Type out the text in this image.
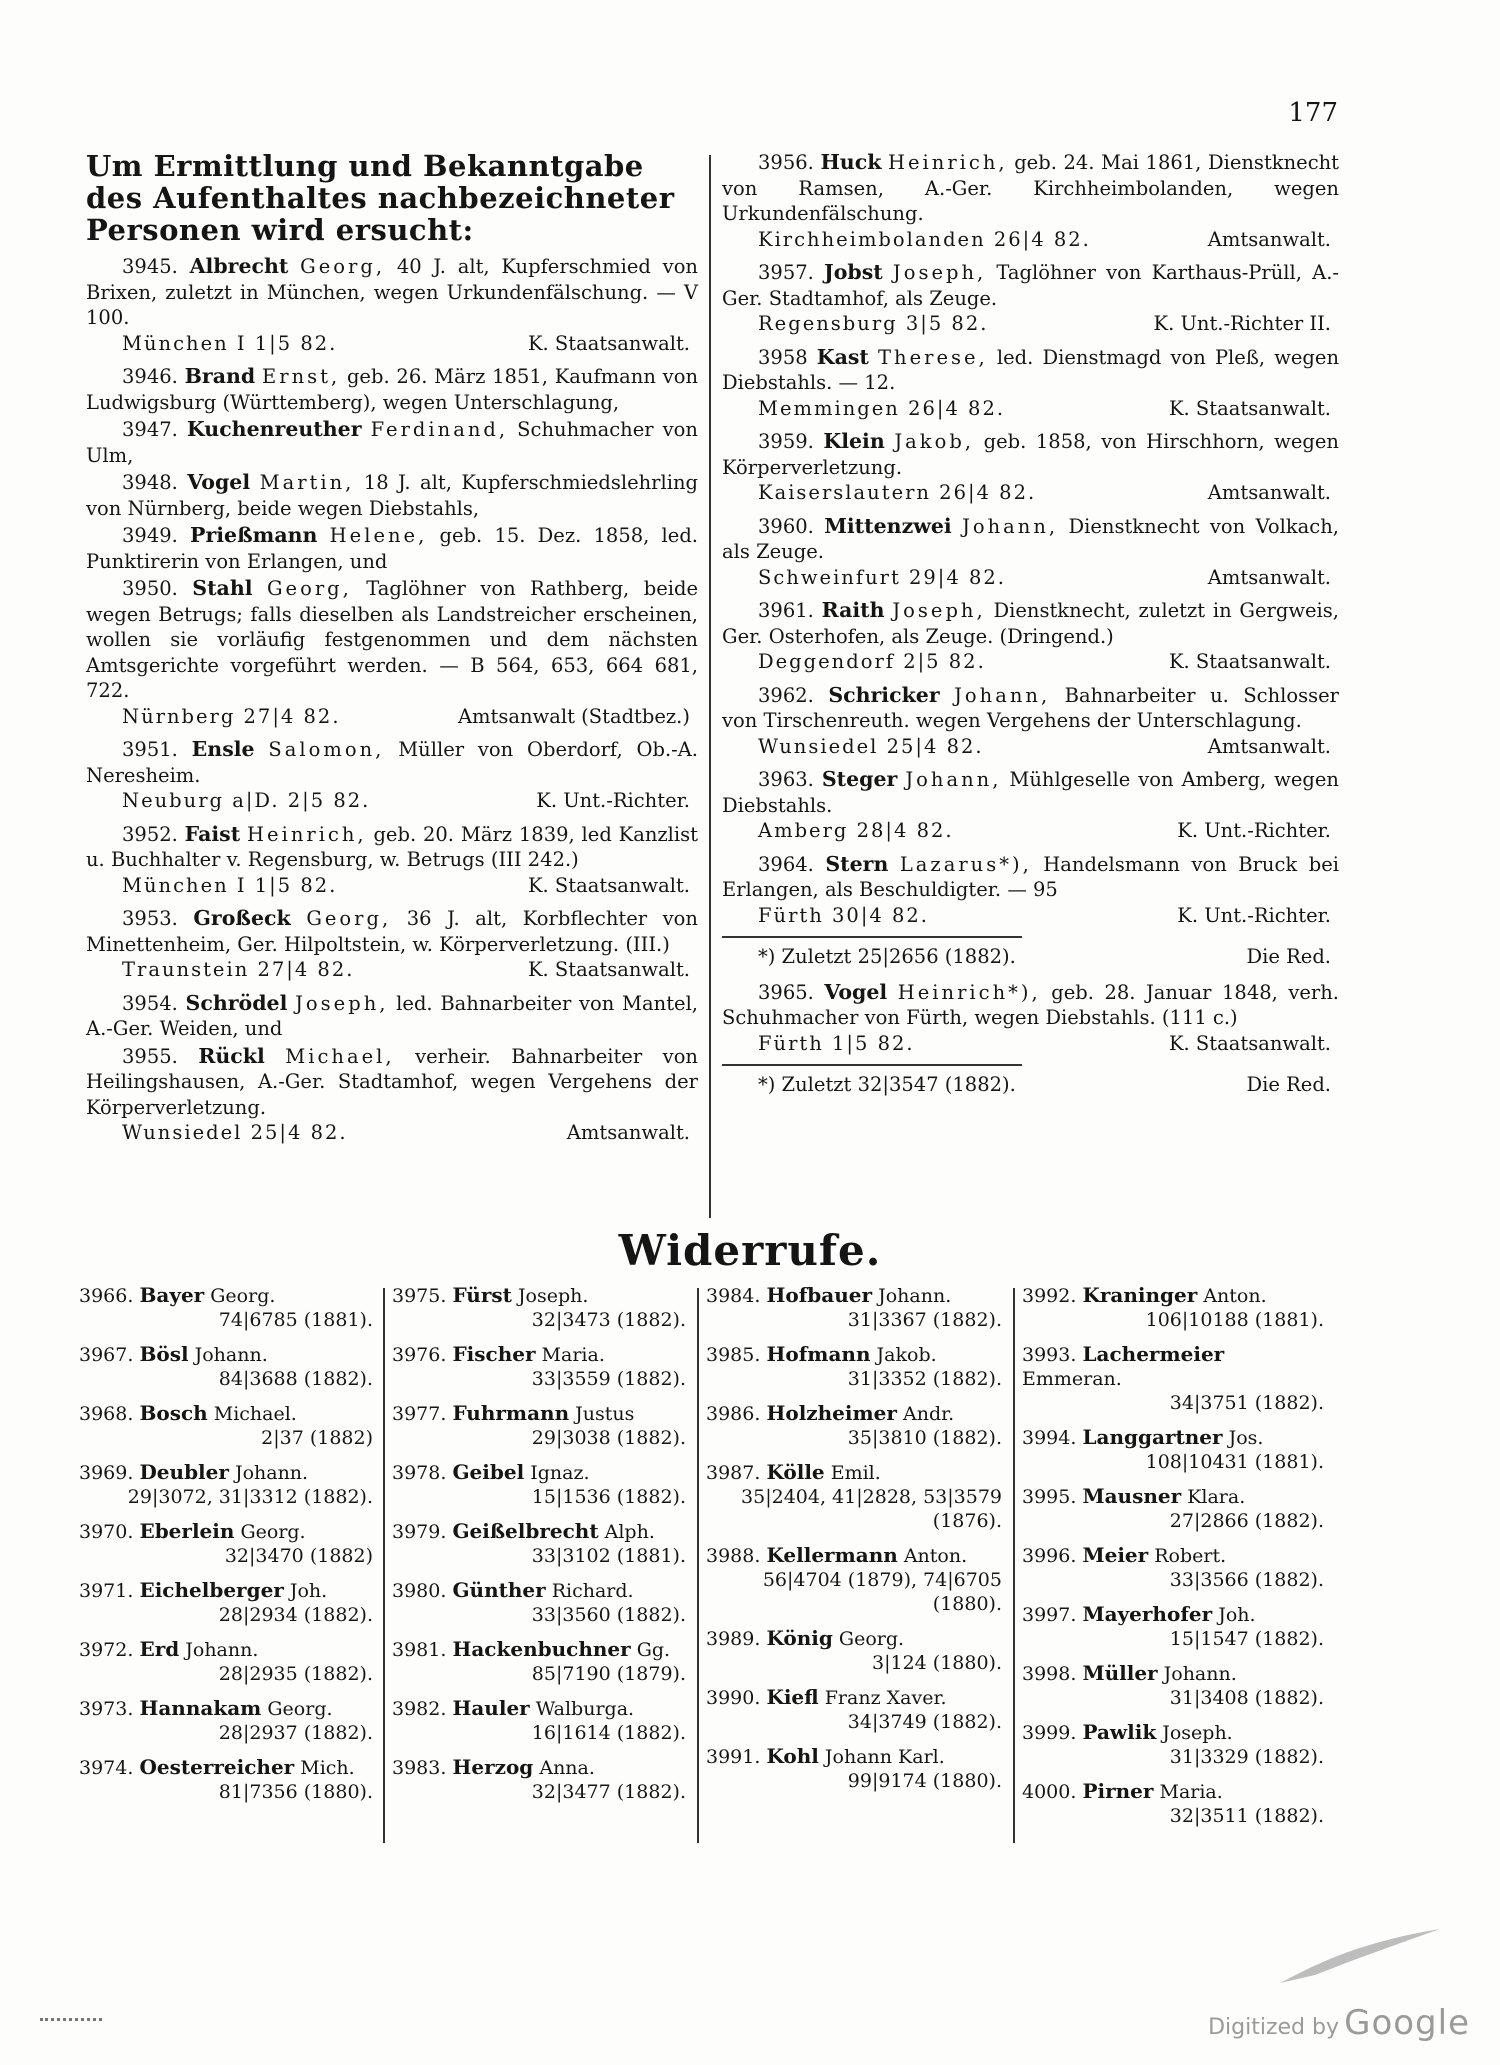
177
Um Ermittlung und Bekanntgabe des Aufenthaltes nachbezeichneter Personen wird ersucht:
3945. Albrecht Georg, 40 J. alt, Kupferschmied von Brixen, zuletzt in München, wegen Urkundenfälschung. — V 100.
München I 1|5 82.	K. Staatsanwalt.
3946. Brand Ernst, geb. 26. März 1851, Kaufmann von Ludwigsburg (Württemberg), wegen Unterschlagung,
3947. Kuchenreuther Ferdinand, Schuhmacher von Ulm,
3948. Vogel Martin, 18 J. alt, Kupferschmiedslehrling von Nürnberg, beide wegen Diebstahls,
3949. Prießmann Helene, geb. 15. Dez. 1858, led. Punktirerin von Erlangen, und
3950. Stahl Georg, Taglöhner von Rathberg, beide wegen Betrugs; falls dieselben als Landstreicher erscheinen, wollen sie vorläufig festgenommen und dem nächsten Amtsgerichte vorgeführt werden. — B 564, 653, 664 681, 722.
Nürnberg 27|4 82.	Amtsanwalt (Stadtbez.)
3951. Ensle Salomon, Müller von Oberdorf, Ob.-A. Neresheim.
Neuburg a|D. 2|5 82.	K. Unt.-Richter.
3952. Faist Heinrich, geb. 20. März 1839, led Kanzlist u. Buchhalter v. Regensburg, w. Betrugs (III 242.)
München I 1|5 82.	K. Staatsanwalt.
3953. Großeck Georg, 36 J. alt, Korbflechter von Minettenheim, Ger. Hilpoltstein, w. Körperverletzung. (III.)
Traunstein 27|4 82.	K. Staatsanwalt.
3954. Schrödel Joseph, led. Bahnarbeiter von Mantel, A.-Ger. Weiden, und
3955. Rückl Michael, verheir. Bahnarbeiter von Heilingshausen, A.-Ger. Stadtamhof, wegen Vergehens der Körperverletzung.
Wunsiedel 25|4 82.	Amtsanwalt.
3956. Huck Heinrich, geb. 24. Mai 1861, Dienstknecht von Ramsen, A.-Ger. Kirchheimbolanden, wegen Urkundenfälschung.
Kirchheimbolanden 26|4 82.	Amtsanwalt.
3957. Jobst Joseph, Taglöhner von Karthaus-Prüll, A.-Ger. Stadtamhof, als Zeuge.
Regensburg 3|5 82.	K. Unt.-Richter II.
3958 Kast Therese, led. Dienstmagd von Pleß, wegen Diebstahls. — 12.
Memmingen 26|4 82.	K. Staatsanwalt.
3959. Klein Jakob, geb. 1858, von Hirschhorn, wegen Körperverletzung.
Kaiserslautern 26|4 82.	Amtsanwalt.
3960. Mittenzwei Johann, Dienstknecht von Volkach, als Zeuge.
Schweinfurt 29|4 82.	Amtsanwalt.
3961. Raith Joseph, Dienstknecht, zuletzt in Gergweis, Ger. Osterhofen, als Zeuge. (Dringend.)
Deggendorf 2|5 82.	K. Staatsanwalt.
3962. Schricker Johann, Bahnarbeiter u. Schlosser von Tirschenreuth. wegen Vergehens der Unterschlagung.
Wunsiedel 25|4 82.	Amtsanwalt.
3963. Steger Johann, Mühlgeselle von Amberg, wegen Diebstahls.
Amberg 28|4 82.	K. Unt.-Richter.
3964. Stern Lazarus*), Handelsmann von Bruck bei Erlangen, als Beschuldigter. — 95
Fürth 30|4 82.	K. Unt.-Richter.
*) Zuletzt 25|2656 (1882).	Die Red.
3965. Vogel Heinrich*), geb. 28. Januar 1848, verh. Schuhmacher von Fürth, wegen Diebstahls. (111 c.)
Fürth 1|5 82.	K. Staatsanwalt.
*) Zuletzt 32|3547 (1882).	Die Red.
Widerrufe.
3966. Bayer Georg.
74|6785 (1881).
3967. Bösl Johann.
84|3688 (1882).
3968. Bosch Michael.
2|37 (1882)
3969. Deubler Johann.
29|3072, 31|3312 (1882).
3970. Eberlein Georg.
32|3470 (1882)
3971. Eichelberger Joh.
28|2934 (1882).
3972. Erd Johann.
28|2935 (1882).
3973. Hannakam Georg.
28|2937 (1882).
3974. Oesterreicher Mich.
81|7356 (1880).
3975. Fürst Joseph.
32|3473 (1882).
3976. Fischer Maria.
33|3559 (1882).
3977. Fuhrmann Justus
29|3038 (1882).
3978. Geibel Ignaz.
15|1536 (1882).
3979. Geißelbrecht Alph.
33|3102 (1881).
3980. Günther Richard.
33|3560 (1882).
3981. Hackenbuchner Gg.
85|7190 (1879).
3982. Hauler Walburga.
16|1614 (1882).
3983. Herzog Anna.
32|3477 (1882).
3984. Hofbauer Johann.
31|3367 (1882).
3985. Hofmann Jakob.
31|3352 (1882).
3986. Holzheimer Andr.
35|3810 (1882).
3987. Kölle Emil.
35|2404, 41|2828, 53|3579 (1876).
3988. Kellermann Anton.
56|4704 (1879), 74|6705 (1880).
3989. König Georg.
3|124 (1880).
3990. Kiefl Franz Xaver.
34|3749 (1882).
3991. Kohl Johann Karl.
99|9174 (1880).
3992. Kraninger Anton.
106|10188 (1881).
3993. Lachermeier Emmeran.
34|3751 (1882).
3994. Langgartner Jos.
108|10431 (1881).
3995. Mausner Klara.
27|2866 (1882).
3996. Meier Robert.
33|3566 (1882).
3997. Mayerhofer Joh.
15|1547 (1882).
3998. Müller Johann.
31|3408 (1882).
3999. Pawlik Joseph.
31|3329 (1882).
4000. Pirner Maria.
32|3511 (1882).
Digitized by Google
